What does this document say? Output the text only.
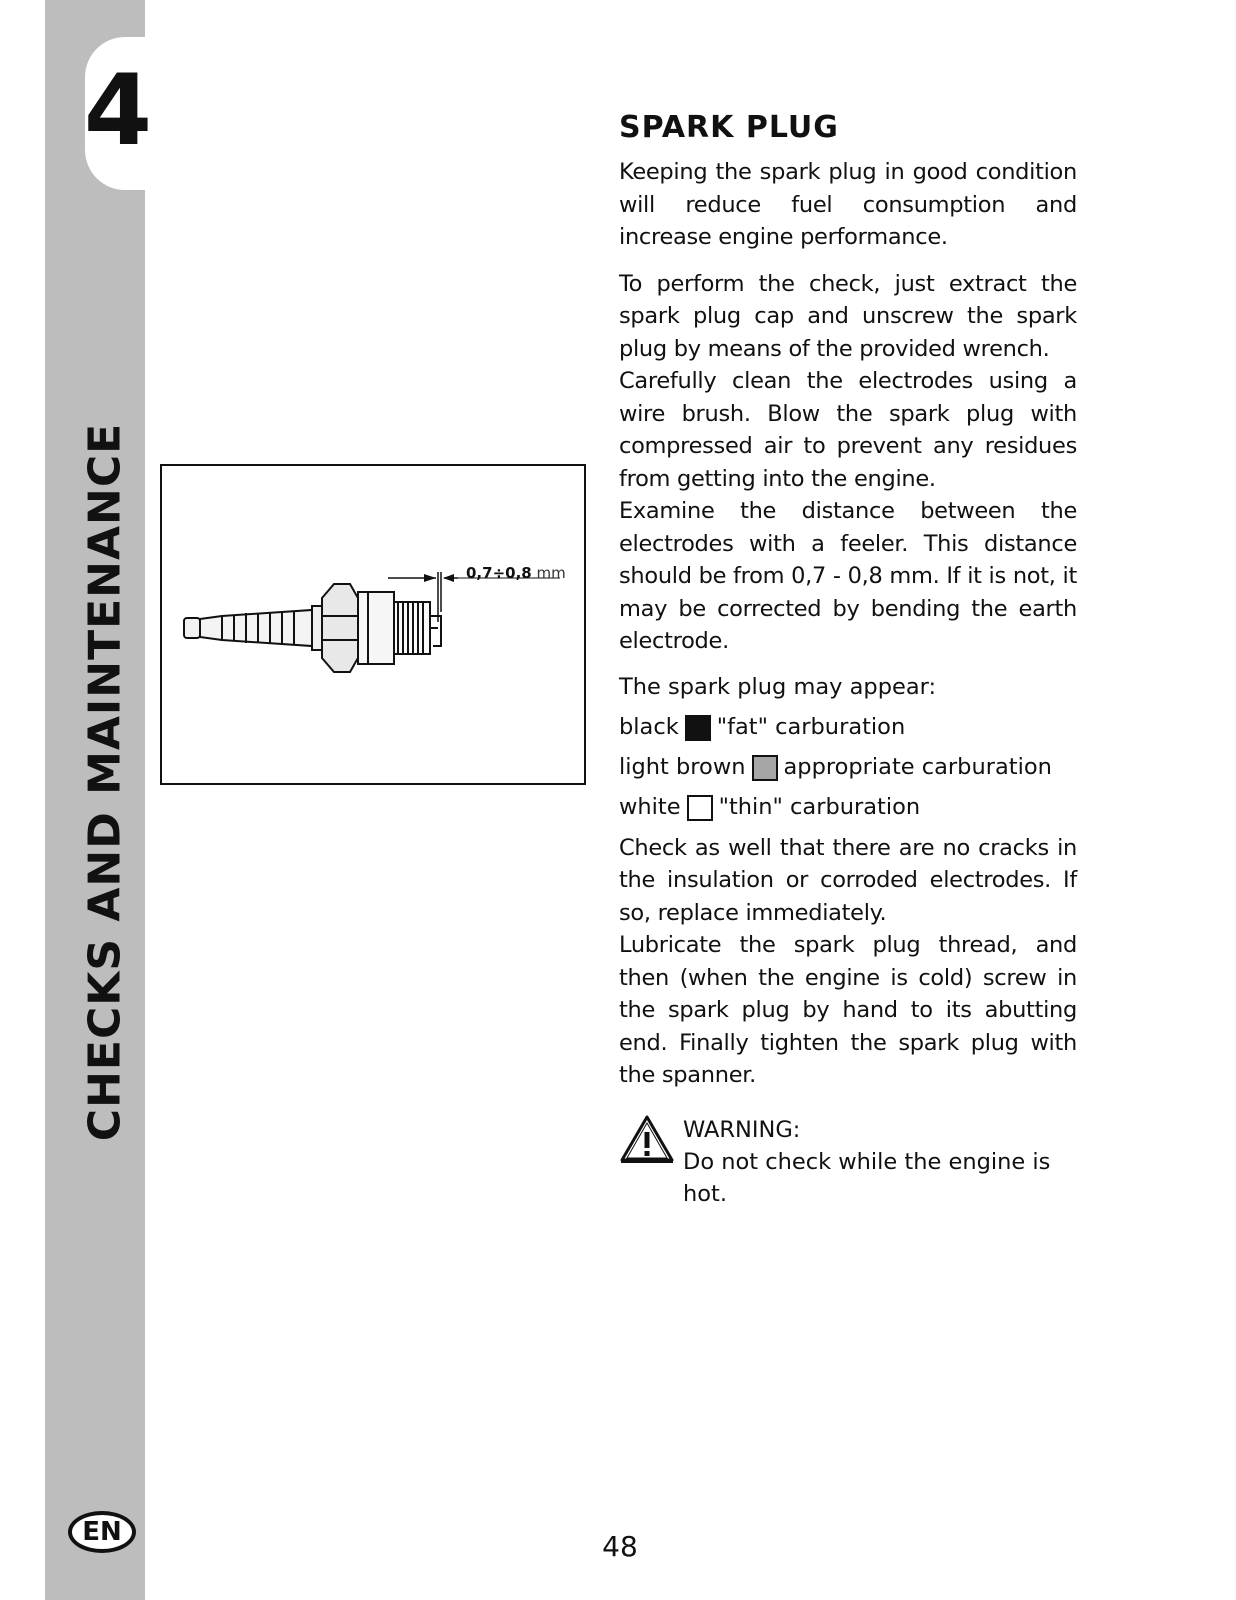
4
CHECKS AND MAINTENANCE
EN
0,7÷0,8 mm
SPARK PLUG

Keeping the spark plug in good condition will reduce fuel consumption and increase engine performance.

To perform the check, just extract the spark plug cap and unscrew the spark plug by means of the provided wrench.

Carefully clean the electrodes using a wire brush. Blow the spark plug with compressed air to prevent any residues from getting into the engine.

Examine the distance between the electrodes with a feeler. This distance should be from 0,7 - 0,8 mm. If it is not, it may be corrected by bending the earth electrode.

The spark plug may appear:
black "fat" carburation
light brown appropriate carburation
white "thin" carburation

Check as well that there are no cracks in the insulation or corroded electrodes. If so, replace immediately.

Lubricate the spark plug thread, and then (when the engine is cold) screw in the spark plug by hand to its abutting end. Finally tighten the spark plug with the spanner.

WARNING:
Do not check while the engine is hot.
48
